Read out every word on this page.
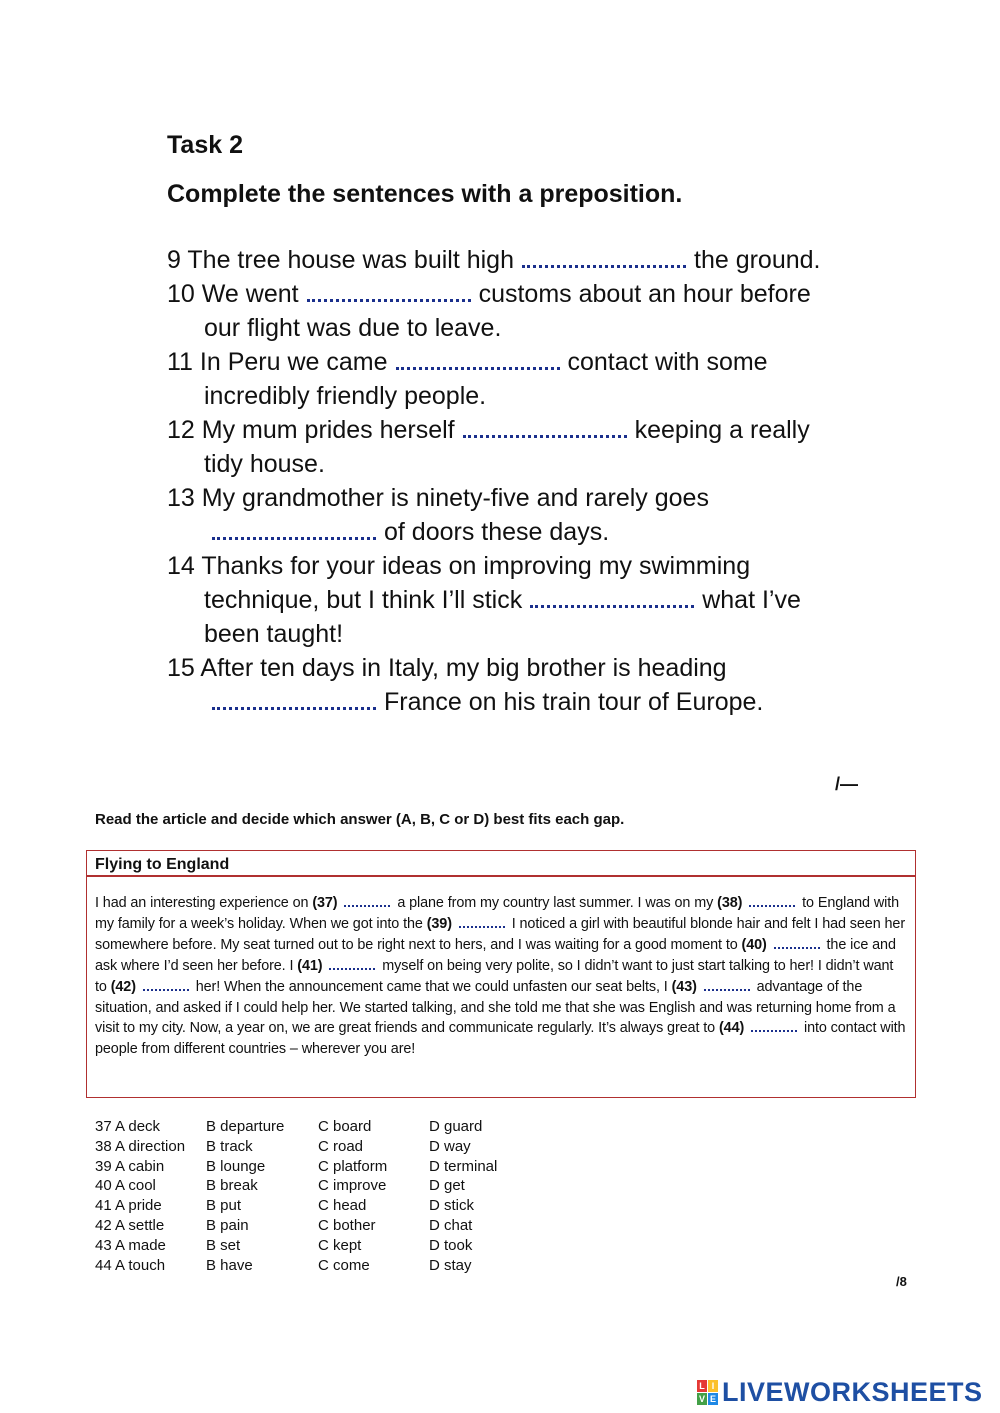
Task 2
Complete the sentences with a preposition.
9 The tree house was built high	the ground.
10 We went	customs about an hour before our flight was due to leave.
11 In Peru we came	contact with some incredibly friendly people.
12 My mum prides herself	keeping a really tidy house.
13 My grandmother is ninety-five and rarely goesof doors these days.
14 Thanks for your ideas on improving my swimming technique, but I think I’ll stick	what I’ve been taught!
15 After ten days in Italy, my big brother is headingFrance on his train tour of Europe.
/—

Read the article and decide which answer (A, B, C or D) best fits each gap.

Flying to England
I had an interesting experience on (37)	a plane from my country last summer. I was on my (38)	to England with my family for a week’s holiday. When we got into the (39)	I noticed a girl with beautiful blonde hair and felt I had seen her somewhere before. My seat turned out to be right next to hers, and I was waiting for a good moment to (40)	the ice and ask where I’d seen her before. I (41)	myself on being very polite, so I didn’t want to just start talking to her! I didn’t want to (42)	her! When the announcement came that we could unfasten our seat belts, I (43)	advantage of the situation, and asked if I could help her. We started talking, and she told me that she was English and was returning home from a visit to my city. Now, a year on, we are great friends and communicate regularly. It’s always great to (44)	into contact with people from different countries – wherever you are!
37 A deck	B departure	C board	D guard
38 A direction	B track	C road	D way
39 A cabin	B lounge	C platform	D terminal
40 A cool	B break	C improve	D get
41 A pride	B put	C head	D stick
42 A settle	B pain	C bother	D chat
43 A made	B set	C kept	D took
44 A touch	B have	C come	D stay
/8
L I
V E LIVEWORKSHEETS
